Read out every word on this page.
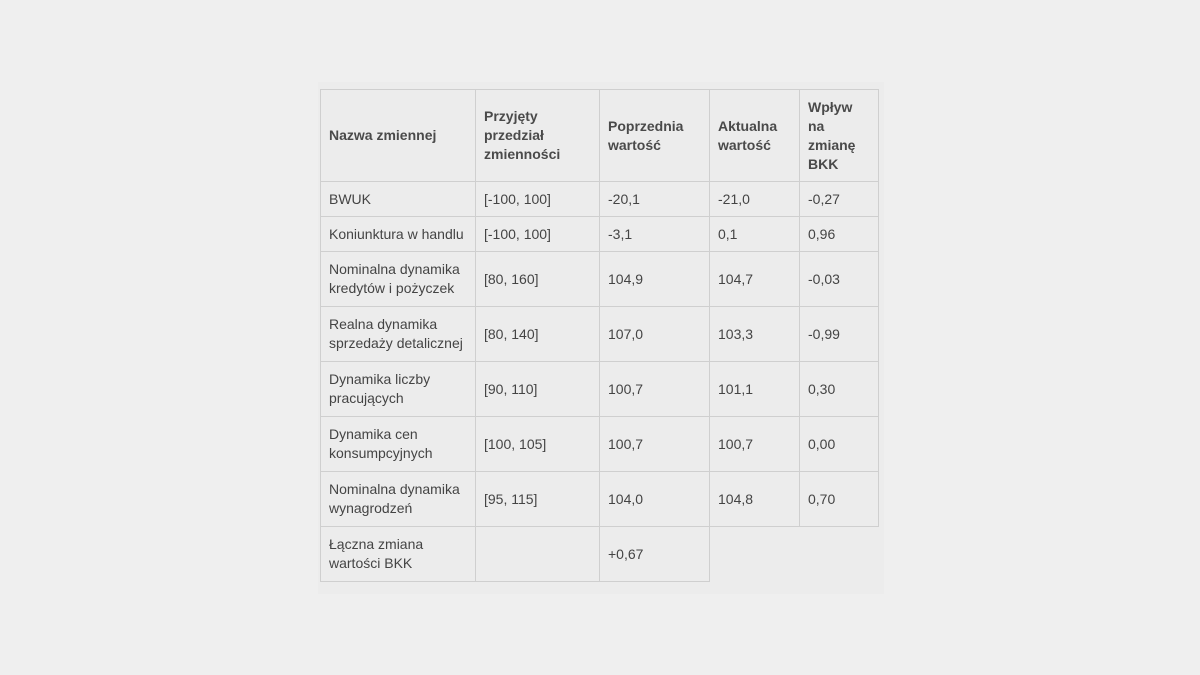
Nazwa zmiennej	Przyjęty przedział zmienności	Poprzednia wartość	Aktualna wartość	Wpływ na zmianę BKK
BWUK	[-100, 100]	-20,1	-21,0	-0,27
Koniunktura w handlu	[-100, 100]	-3,1	0,1	0,96
Nominalna dynamika kredytów i pożyczek	[80, 160]	104,9	104,7	-0,03
Realna dynamika sprzedaży detalicznej	[80, 140]	107,0	103,3	-0,99
Dynamika liczby pracujących	[90, 110]	100,7	101,1	0,30
Dynamika cen konsumpcyjnych	[100, 105]	100,7	100,7	0,00
Nominalna dynamika wynagrodzeń	[95, 115]	104,0	104,8	0,70
Łączna zmiana wartości BKK		+0,67		
